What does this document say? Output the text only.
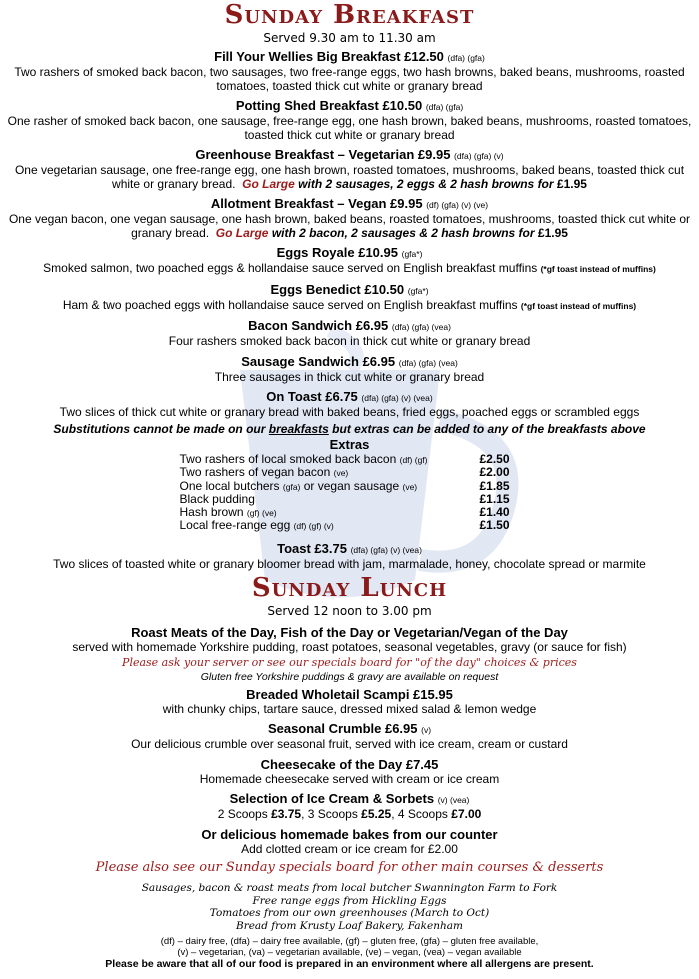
Sunday Breakfast

Served 9.30 am to 11.30 am

Fill Your Wellies Big Breakfast £12.50 (dfa) (gfa)

Two rashers of smoked back bacon, two sausages, two free-range eggs, two hash browns, baked beans, mushrooms, roasted tomatoes, toasted thick cut white or granary bread

Potting Shed Breakfast £10.50 (dfa) (gfa)

One rasher of smoked back bacon, one sausage, free-range egg, one hash brown, baked beans, mushrooms, roasted tomatoes, toasted thick cut white or granary bread

Greenhouse Breakfast – Vegetarian £9.95 (dfa) (gfa) (v)

One vegetarian sausage, one free-range egg, one hash brown, roasted tomatoes, mushrooms, baked beans, toasted thick cut white or granary bread. Go Large with 2 sausages, 2 eggs & 2 hash browns for £1.95

Allotment Breakfast – Vegan £9.95 (df) (gfa) (v) (ve)

One vegan bacon, one vegan sausage, one hash brown, baked beans, roasted tomatoes, mushrooms, toasted thick cut white or granary bread. Go Large with 2 bacon, 2 sausages & 2 hash browns for £1.95

Eggs Royale £10.95 (gfa*)

Smoked salmon, two poached eggs & hollandaise sauce served on English breakfast muffins (*gf toast instead of muffins)

Eggs Benedict £10.50 (gfa*)

Ham & two poached eggs with hollandaise sauce served on English breakfast muffins (*gf toast instead of muffins)

Bacon Sandwich £6.95 (dfa) (gfa) (vea)

Four rashers smoked back bacon in thick cut white or granary bread

Sausage Sandwich £6.95 (dfa) (gfa) (vea)

Three sausages in thick cut white or granary bread

On Toast £6.75 (dfa) (gfa) (v) (vea)

Two slices of thick cut white or granary bread with baked beans, fried eggs, poached eggs or scrambled eggs

Substitutions cannot be made on our breakfasts but extras can be added to any of the breakfasts above

Extras

Two rashers of local smoked back bacon (df) (gf)	£2.50
Two rashers of vegan bacon (ve)	£2.00
One local butchers (gfa) or vegan sausage (ve)	£1.85
Black pudding	£1.15
Hash brown (gf) (ve)	£1.40
Local free-range egg (df) (gf) (v)	£1.50

Toast £3.75 (dfa) (gfa) (v) (vea)

Two slices of toasted white or granary bloomer bread with jam, marmalade, honey, chocolate spread or marmite

Sunday Lunch

Served 12 noon to 3.00 pm

Roast Meats of the Day, Fish of the Day or Vegetarian/Vegan of the Day

served with homemade Yorkshire pudding, roast potatoes, seasonal vegetables, gravy (or sauce for fish)

Please ask your server or see our specials board for "of the day" choices & prices

Gluten free Yorkshire puddings & gravy are available on request

Breaded Wholetail Scampi £15.95

with chunky chips, tartare sauce, dressed mixed salad & lemon wedge

Seasonal Crumble £6.95 (v)

Our delicious crumble over seasonal fruit, served with ice cream, cream or custard

Cheesecake of the Day £7.45

Homemade cheesecake served with cream or ice cream

Selection of Ice Cream & Sorbets (v) (vea)

2 Scoops £3.75, 3 Scoops £5.25, 4 Scoops £7.00

Or delicious homemade bakes from our counter

Add clotted cream or ice cream for £2.00

Please also see our Sunday specials board for other main courses & desserts

Sausages, bacon & roast meats from local butcher Swannington Farm to Fork

Free range eggs from Hickling Eggs

Tomatoes from our own greenhouses (March to Oct)

Bread from Krusty Loaf Bakery, Fakenham

(df) – dairy free, (dfa) – dairy free available, (gf) – gluten free, (gfa) – gluten free available,

(v) – vegetarian, (va) – vegetarian available, (ve) – vegan, (vea) – vegan available

Please be aware that all of our food is prepared in an environment where all allergens are present.
